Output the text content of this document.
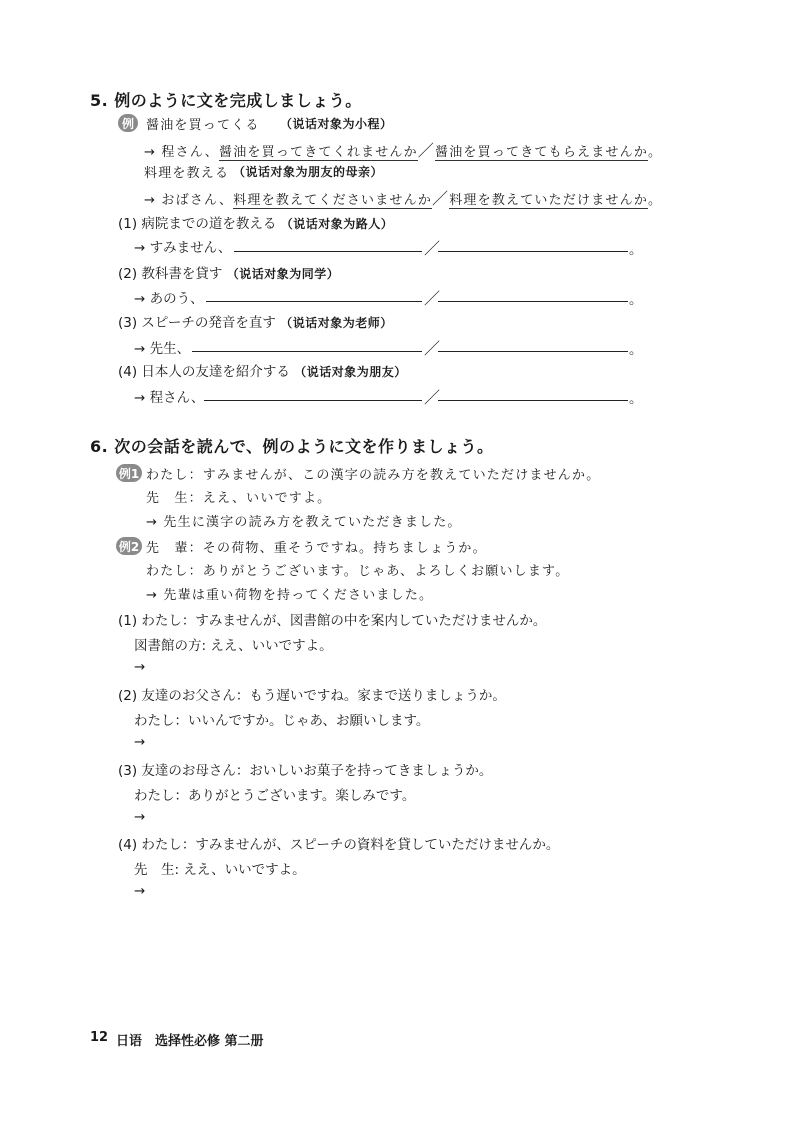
5. 例のように文を完成しましょう。
例 醤油を買ってくる （说话对象为小程）
→ 程さん、醤油を買ってきてくれませんか／醤油を買ってきてもらえませんか。
料理を教える （说话对象为朋友的母亲）
→ おばさん、料理を教えてくださいませんか／料理を教えていただけませんか。
(1) 病院までの道を教える （说话对象为路人）
→ すみません、	／	。
(2) 教科書を貸す （说话对象为同学）
→ あのう、	／	。
(3) スピーチの発音を直す （说话对象为老师）
→ 先生、	／	。
(4) 日本人の友達を紹介する （说话对象为朋友）
→ 程さん、	／	。
6. 次の会話を読んで、例のように文を作りましょう。
例1 わたし：すみませんが、この漢字の読み方を教えていただけませんか。
先　生：ええ、いいですよ。
→ 先生に漢字の読み方を教えていただきました。
例2 先　輩：その荷物、重そうですね。持ちましょうか。
わたし：ありがとうございます。じゃあ、よろしくお願いします。
→ 先輩は重い荷物を持ってくださいました。
(1) わたし：すみませんが、図書館の中を案内していただけませんか。
図書館の方: ええ、いいですよ。
→
(2) 友達のお父さん：もう遅いですね。家まで送りましょうか。
わたし：いいんですか。じゃあ、お願いします。
→
(3) 友達のお母さん：おいしいお菓子を持ってきましょうか。
わたし：ありがとうございます。楽しみです。
→
(4) わたし：すみませんが、スピーチの資料を貸していただけませんか。
先　生: ええ、いいですよ。
→
12 日语　选择性必修 第二册
